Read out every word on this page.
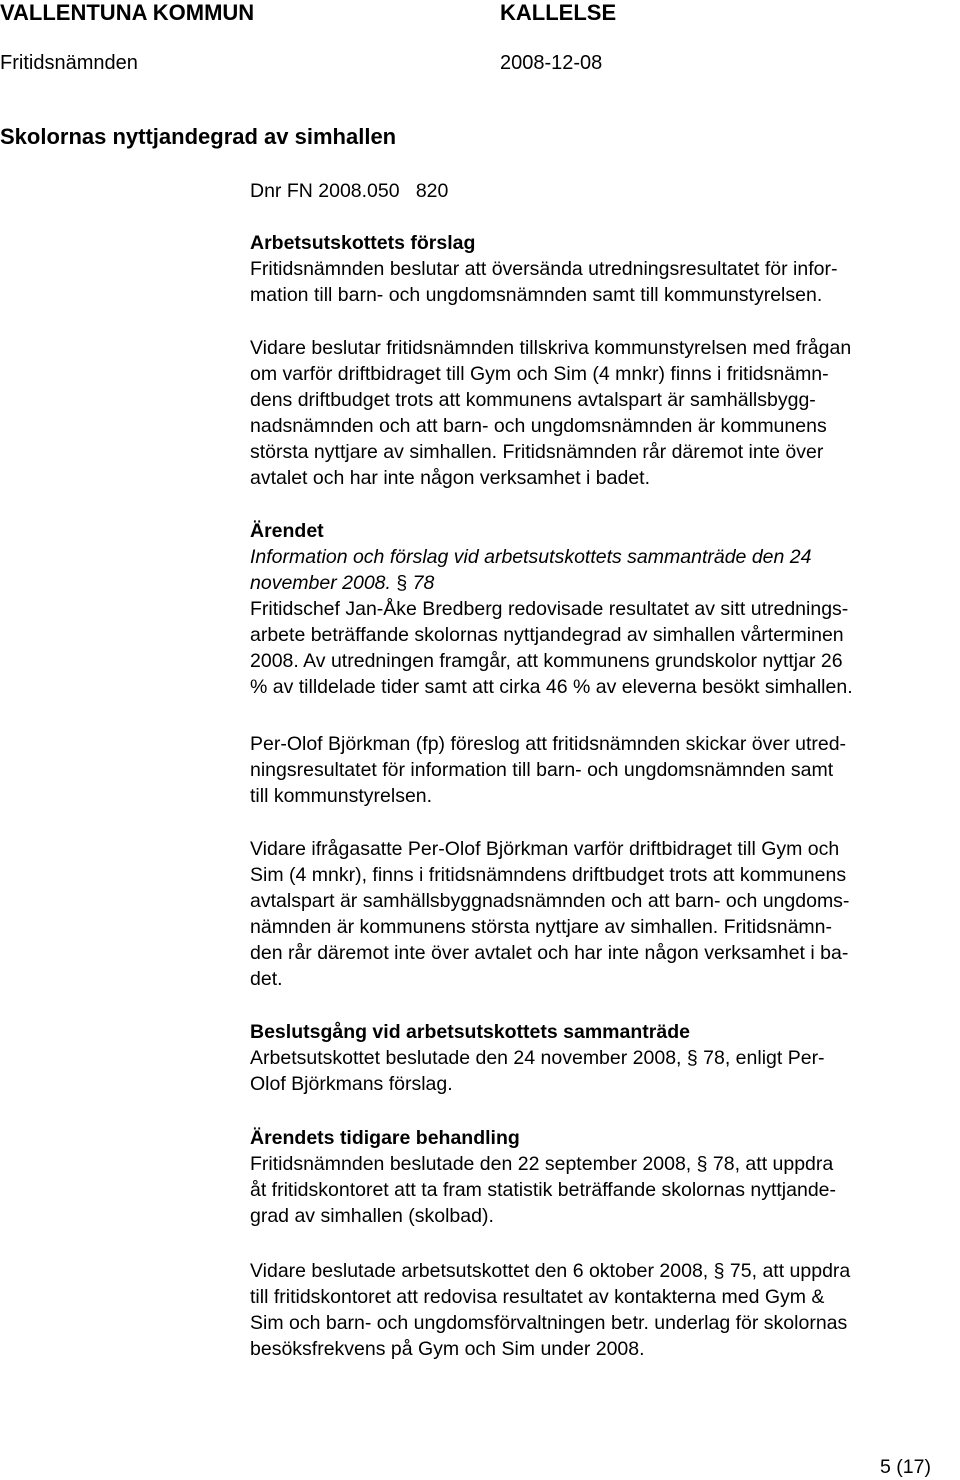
VALLENTUNA KOMMUN	KALLELSE
Fritidsnämnden	2008-12-08
Skolornas nyttjandegrad av simhallen
Dnr FN 2008.050   820
Arbetsutskottets förslag
Fritidsnämnden beslutar att översända utredningsresultatet för infor-
mation till barn- och ungdomsnämnden samt till kommunstyrelsen.
Vidare beslutar fritidsnämnden tillskriva kommunstyrelsen med frågan
om varför driftbidraget till Gym och Sim (4 mnkr) finns i fritidsnämn-
dens driftbudget trots att kommunens avtalspart är samhällsbygg-
nadsnämnden och att barn- och ungdomsnämnden är kommunens
största nyttjare av simhallen. Fritidsnämnden rår däremot inte över
avtalet och har inte någon verksamhet i badet.
Ärendet
Information och förslag vid arbetsutskottets sammanträde den 24
november 2008. § 78
Fritidschef Jan-Åke Bredberg redovisade resultatet av sitt utrednings-
arbete beträffande skolornas nyttjandegrad av simhallen vårterminen
2008. Av utredningen framgår, att kommunens grundskolor nyttjar 26
% av tilldelade tider samt att cirka 46 % av eleverna besökt simhallen.
Per-Olof Björkman (fp) föreslog att fritidsnämnden skickar över utred-
ningsresultatet för information till barn- och ungdomsnämnden samt
till kommunstyrelsen.
Vidare ifrågasatte Per-Olof Björkman varför driftbidraget till Gym och
Sim (4 mnkr), finns i fritidsnämndens driftbudget trots att kommunens
avtalspart är samhällsbyggnadsnämnden och att barn- och ungdoms-
nämnden är kommunens största nyttjare av simhallen. Fritidsnämn-
den rår däremot inte över avtalet och har inte någon verksamhet i ba-
det.
Beslutsgång vid arbetsutskottets sammanträde
Arbetsutskottet beslutade den 24 november 2008, § 78, enligt Per-
Olof Björkmans förslag.
Ärendets tidigare behandling
Fritidsnämnden beslutade den 22 september 2008, § 78, att uppdra
åt fritidskontoret att ta fram statistik beträffande skolornas nyttjande-
grad av simhallen (skolbad).
Vidare beslutade arbetsutskottet den 6 oktober 2008, § 75, att uppdra
till fritidskontoret att redovisa resultatet av kontakterna med Gym &
Sim och barn- och ungdomsförvaltningen betr. underlag för skolornas
besöksfrekvens på Gym och Sim under 2008.
5 (17)
